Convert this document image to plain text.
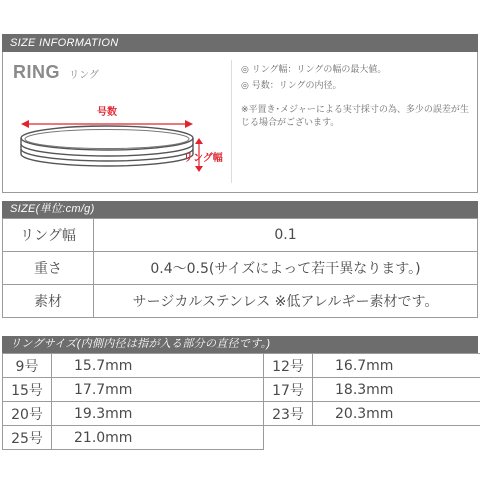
SIZE INFORMATION
RING リング
号数
リング幅
◎ リング幅：リングの幅の最大値。
◎ 号数：リングの内径。
※平置き･メジャーによる実寸採寸の為、多少の誤差が生じる場合がございます。
SIZE(単位:cm/g)
リング幅	0.1
重さ	0.4〜0.5(サイズによって若干異なります。)
素材	サージカルステンレス ※低アレルギー素材です。
リングサイズ(内側内径は指が入る部分の直径です。)
9号	15.7mm	12号	16.7mm
15号	17.7mm	17号	18.3mm
20号	19.3mm	23号	20.3mm
25号	21.0mm		
